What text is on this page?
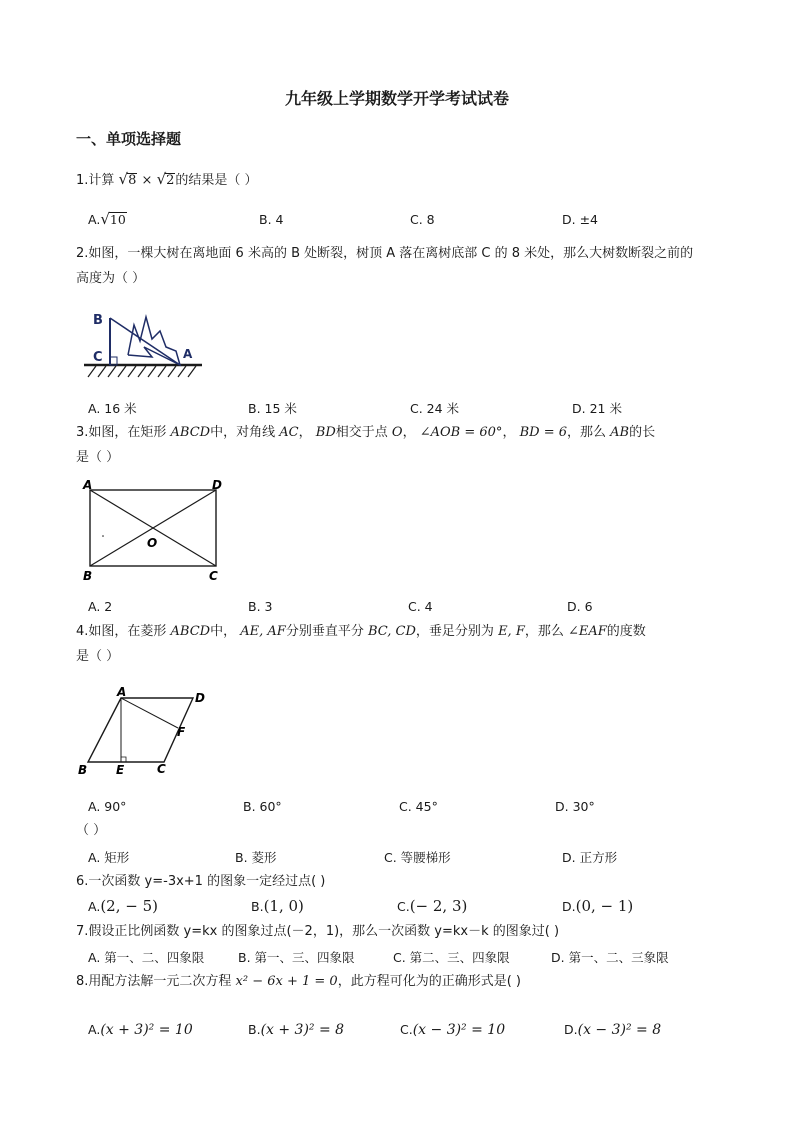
九年级上学期数学开学考试试卷
一、单项选择题
1.计算 √8 × √2的结果是（ ）
A.√10	B. 4	C. 8	D. ±4
2.如图，一棵大树在离地面 6 米高的 B 处断裂，树顶 A 落在离树底部 C 的 8 米处，那么大树数断裂之前的
高度为（ ）
B
C	A
A. 16 米	B. 15 米	C. 24 米	D. 21 米
3.如图，在矩形 ABCD中，对角线 AC， BD相交于点 O， ∠AOB = 60°， BD = 6，那么 AB的长
是（ ）
A	D
B	C
O
A. 2	B. 3	C. 4	D. 6
4.如图，在菱形 ABCD中， AE, AF分别垂直平分 BC, CD，垂足分别为 E, F，那么 ∠EAF的度数
是（ ）
A	D
B E	C
F
A. 90°	B. 60°	C. 45°	D. 30°
（ ）
A. 矩形	B. 菱形	C. 等腰梯形	D. 正方形
6.一次函数 y=-3x+1 的图象一定经过点( )
A.(2, − 5)	B.(1, 0)	C.(− 2, 3)	D.(0, − 1)
7.假设正比例函数 y=kx 的图象过点(－2，1)，那么一次函数 y=kx－k 的图象过( )
A. 第一、二、四象限	B. 第一、三、四象限	C. 第二、三、四象限	D. 第一、二、三象限
8.用配方法解一元二次方程 x² − 6x + 1 = 0，此方程可化为的正确形式是( )
A.(x + 3)² = 10	B.(x + 3)² = 8	C.(x − 3)² = 10	D.(x − 3)² = 8
